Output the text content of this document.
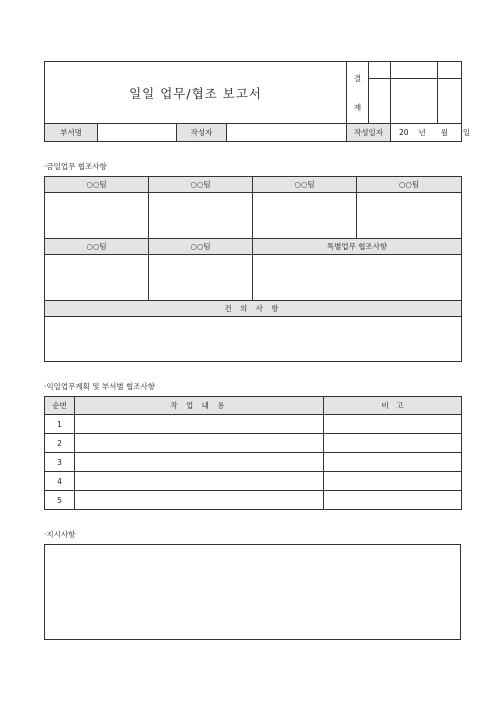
일일 업무/협조 보고서				결
재			

부서명		작성자		작성일자		20　 년　　월　　일	
·금일업무 협조사항
○○팀	○○팀	○○팀	○○팀

○○팀	○○팀	특별업무 협조사항	

건 의 사 항			

·익일업무계획 및 부서별 협조사항
순번	작 업 내 용	비　고
1		
2		
3		
4		
5		
·지시사항
